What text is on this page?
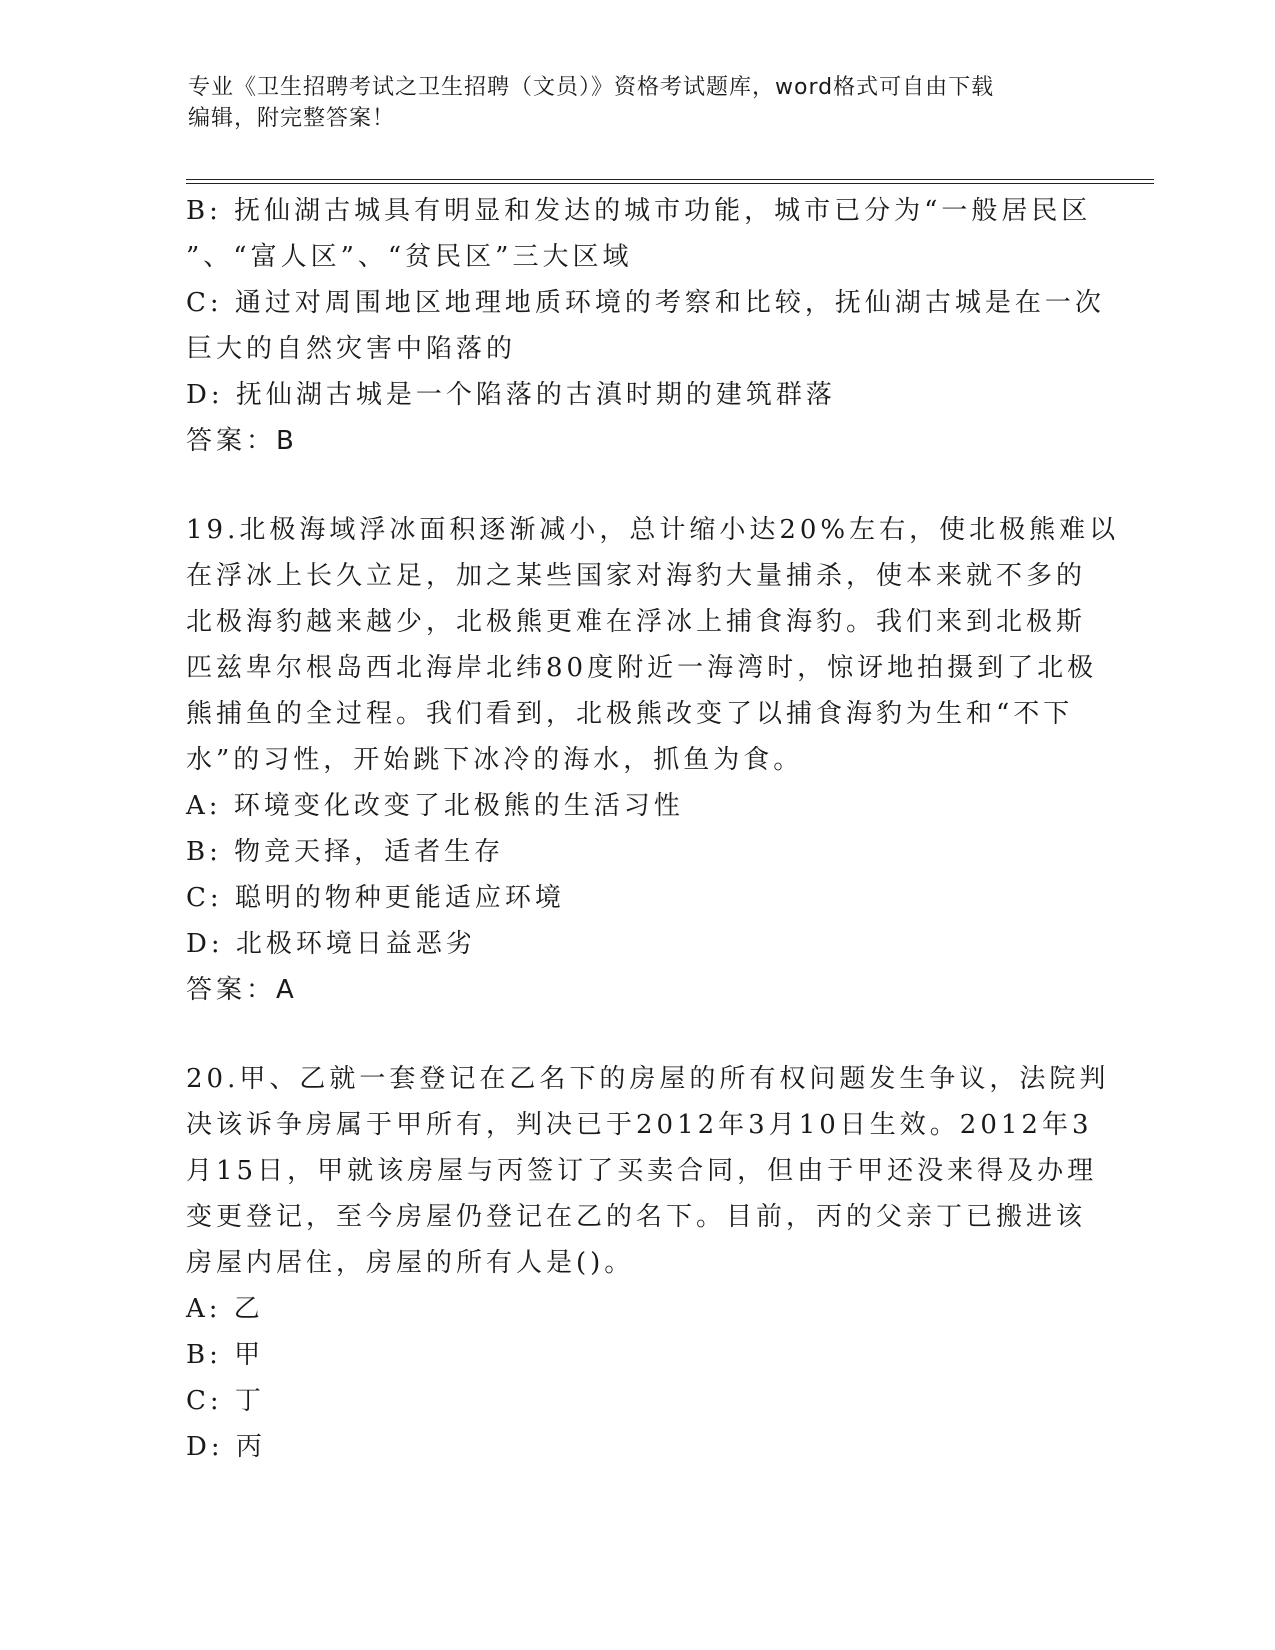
专业《卫生招聘考试之卫生招聘（文员）》资格考试题库，word格式可自由下载
编辑，附完整答案！
B: 抚仙湖古城具有明显和发达的城市功能，城市已分为“一般居民区
”、“富人区”、“贫民区”三大区域
C: 通过对周围地区地理地质环境的考察和比较，抚仙湖古城是在一次
巨大的自然灾害中陷落的
D: 抚仙湖古城是一个陷落的古滇时期的建筑群落
答案：B
19.北极海域浮冰面积逐渐减小，总计缩小达20%左右，使北极熊难以
在浮冰上长久立足，加之某些国家对海豹大量捕杀，使本来就不多的
北极海豹越来越少，北极熊更难在浮冰上捕食海豹。我们来到北极斯
匹兹卑尔根岛西北海岸北纬80度附近一海湾时，惊讶地拍摄到了北极
熊捕鱼的全过程。我们看到，北极熊改变了以捕食海豹为生和“不下
水”的习性，开始跳下冰冷的海水，抓鱼为食。
A: 环境变化改变了北极熊的生活习性
B: 物竞天择，适者生存
C: 聪明的物种更能适应环境
D: 北极环境日益恶劣
答案：A
20.甲、乙就一套登记在乙名下的房屋的所有权问题发生争议，法院判
决该诉争房属于甲所有，判决已于2012年3月10日生效。2012年3
月15日，甲就该房屋与丙签订了买卖合同，但由于甲还没来得及办理
变更登记，至今房屋仍登记在乙的名下。目前，丙的父亲丁已搬进该
房屋内居住，房屋的所有人是()。
A: 乙
B: 甲
C: 丁
D: 丙
